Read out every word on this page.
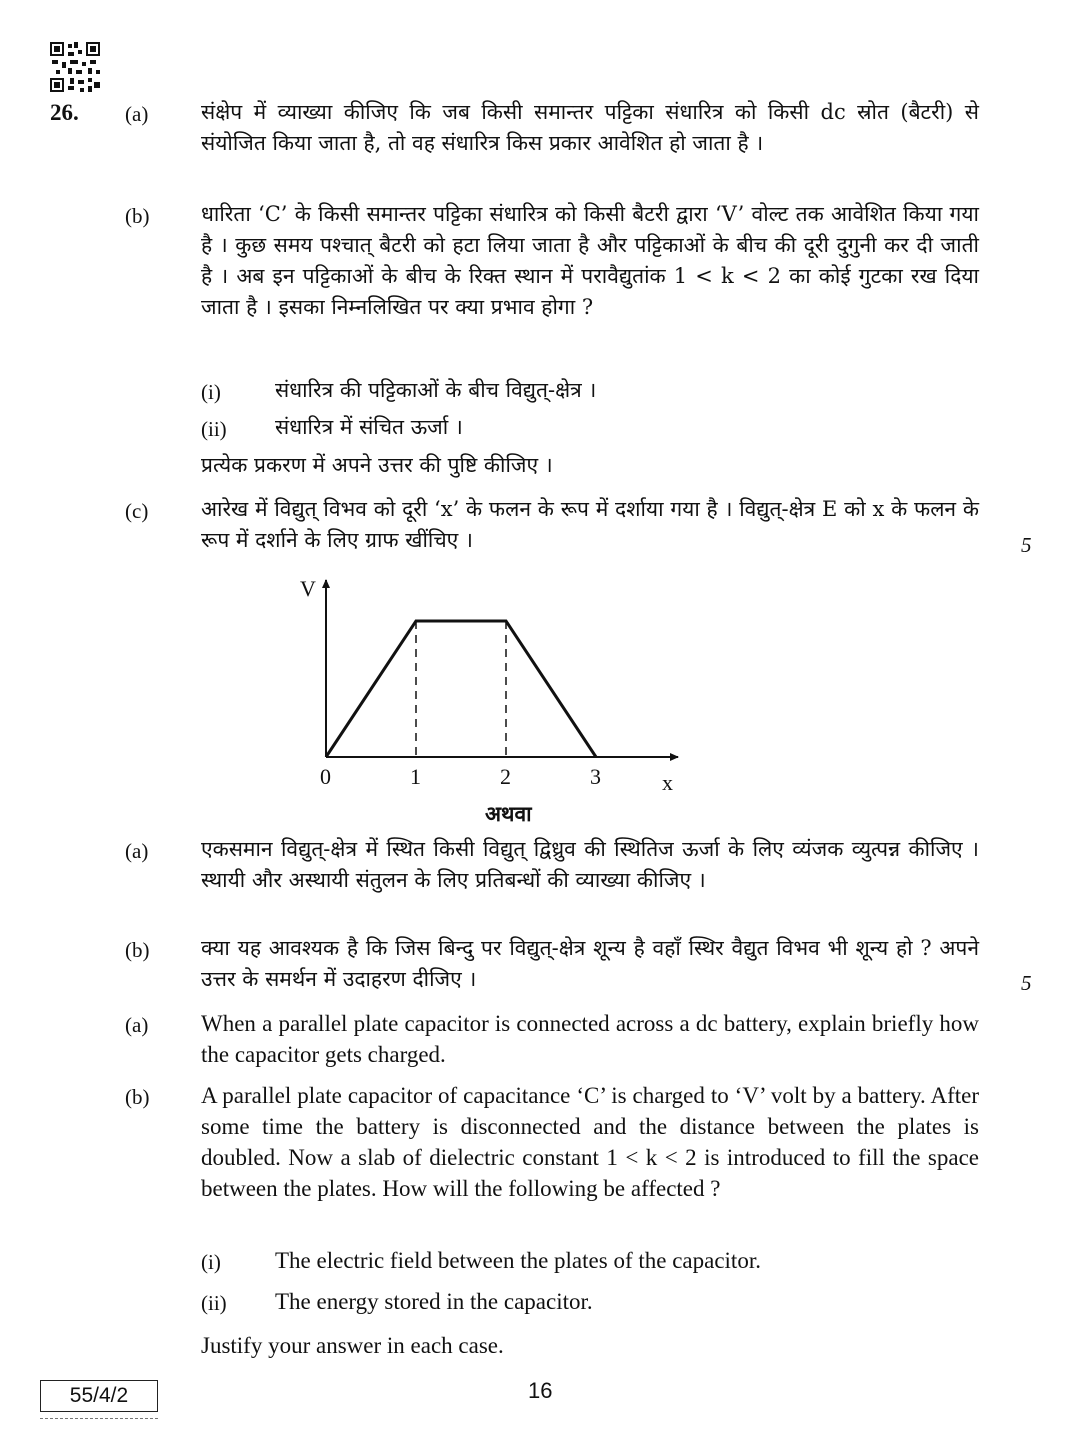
26. (a)	संक्षेप में व्याख्या कीजिए कि जब किसी समान्तर पट्टिका संधारित्र को किसी dc स्रोत (बैटरी) से संयोजित किया जाता है, तो वह संधारित्र किस प्रकार आवेशित हो जाता है ।
(b) धारिता ‘C’ के किसी समान्तर पट्टिका संधारित्र को किसी बैटरी द्वारा ‘V’ वोल्ट तक आवेशित किया गया है । कुछ समय पश्चात् बैटरी को हटा लिया जाता है और पट्टिकाओं के बीच की दूरी दुगुनी कर दी जाती है । अब इन पट्टिकाओं के बीच के रिक्त स्थान में परावैद्युतांक 1 < k < 2 का कोई गुटका रख दिया जाता है । इसका निम्नलिखित पर क्या प्रभाव होगा ?
(i)	संधारित्र की पट्टिकाओं के बीच विद्युत्-क्षेत्र ।
(ii) संधारित्र में संचित ऊर्जा ।
प्रत्येक प्रकरण में अपने उत्तर की पुष्टि कीजिए ।
(c)	आरेख में विद्युत् विभव को दूरी ‘x’ के फलन के रूप में दर्शाया गया है । विद्युत्-क्षेत्र E को x के फलन के रूप में दर्शाने के लिए ग्राफ खींचिए ।	5
V
x
0	1	2	3
अथवा
(a)	एकसमान विद्युत्-क्षेत्र में स्थित किसी विद्युत् द्विध्रुव की स्थितिज ऊर्जा के लिए व्यंजक व्युत्पन्न कीजिए । स्थायी और अस्थायी संतुलन के लिए प्रतिबन्धों की व्याख्या कीजिए ।
(b) क्या यह आवश्यक है कि जिस बिन्दु पर विद्युत्-क्षेत्र शून्य है वहाँ स्थिर वैद्युत विभव भी शून्य हो ? अपने उत्तर के समर्थन में उदाहरण दीजिए ।	5
(a) When a parallel plate capacitor is connected across a dc battery, explain briefly how the capacitor gets charged.
(b) A parallel plate capacitor of capacitance ‘C’ is charged to ‘V’ volt by a battery. After some time the battery is disconnected and the distance between the plates is doubled. Now a slab of dielectric constant 1 < k < 2 is introduced to fill the space between the plates. How will the following be affected ?
(i) The electric field between the plates of the capacitor.
(ii) The energy stored in the capacitor.
Justify your answer in each case.
55/4/2	16
